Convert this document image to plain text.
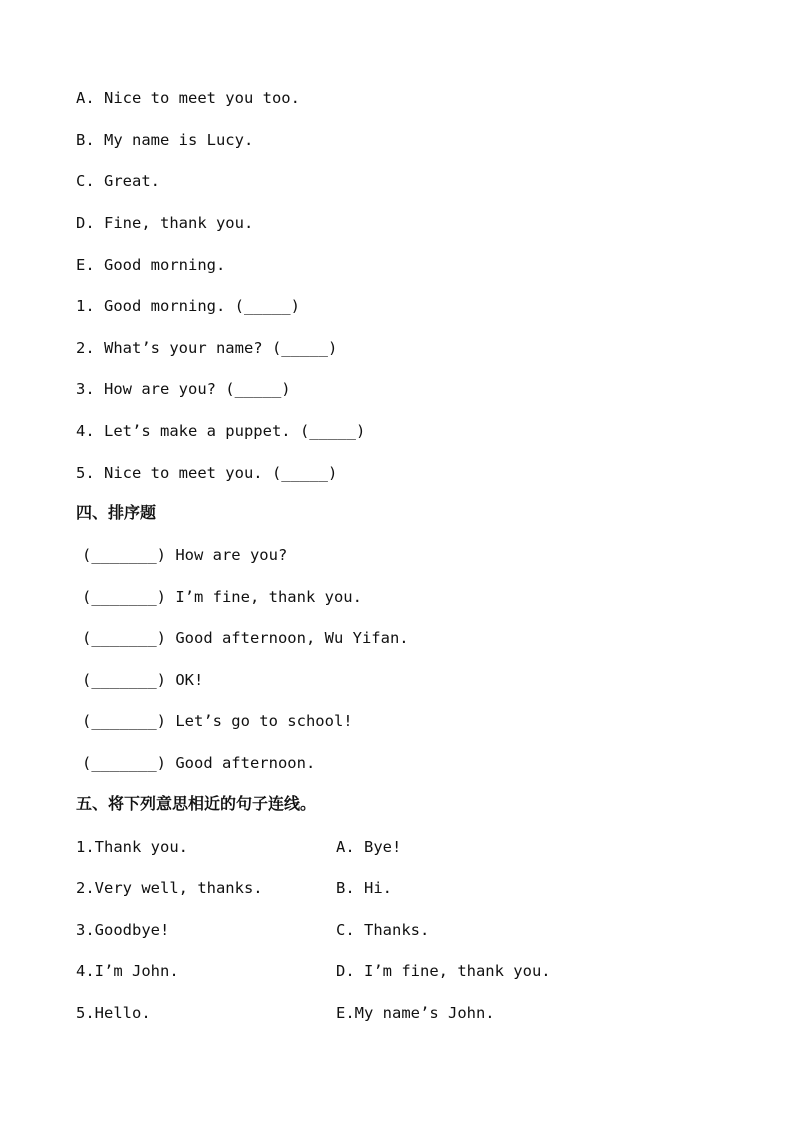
A. Nice to meet you too.
B. My name is Lucy.
C. Great.
D. Fine, thank you.
E. Good morning.
1. Good morning. (_____)
2. What’s your name? (_____)
3. How are you? (_____)
4. Let’s make a puppet. (_____)
5. Nice to meet you. (_____)
四、排序题
(_______) How are you?
(_______) I’m fine, thank you.
(_______) Good afternoon, Wu Yifan.
(_______) OK!
(_______) Let’s go to school!
(_______) Good afternoon.
五、将下列意思相近的句子连线。
1.Thank you.	A. Bye!
2.Very well, thanks.	B. Hi.
3.Goodbye!	C. Thanks.
4.I’m John.	D. I’m fine, thank you.
5.Hello.	E.My name’s John.
